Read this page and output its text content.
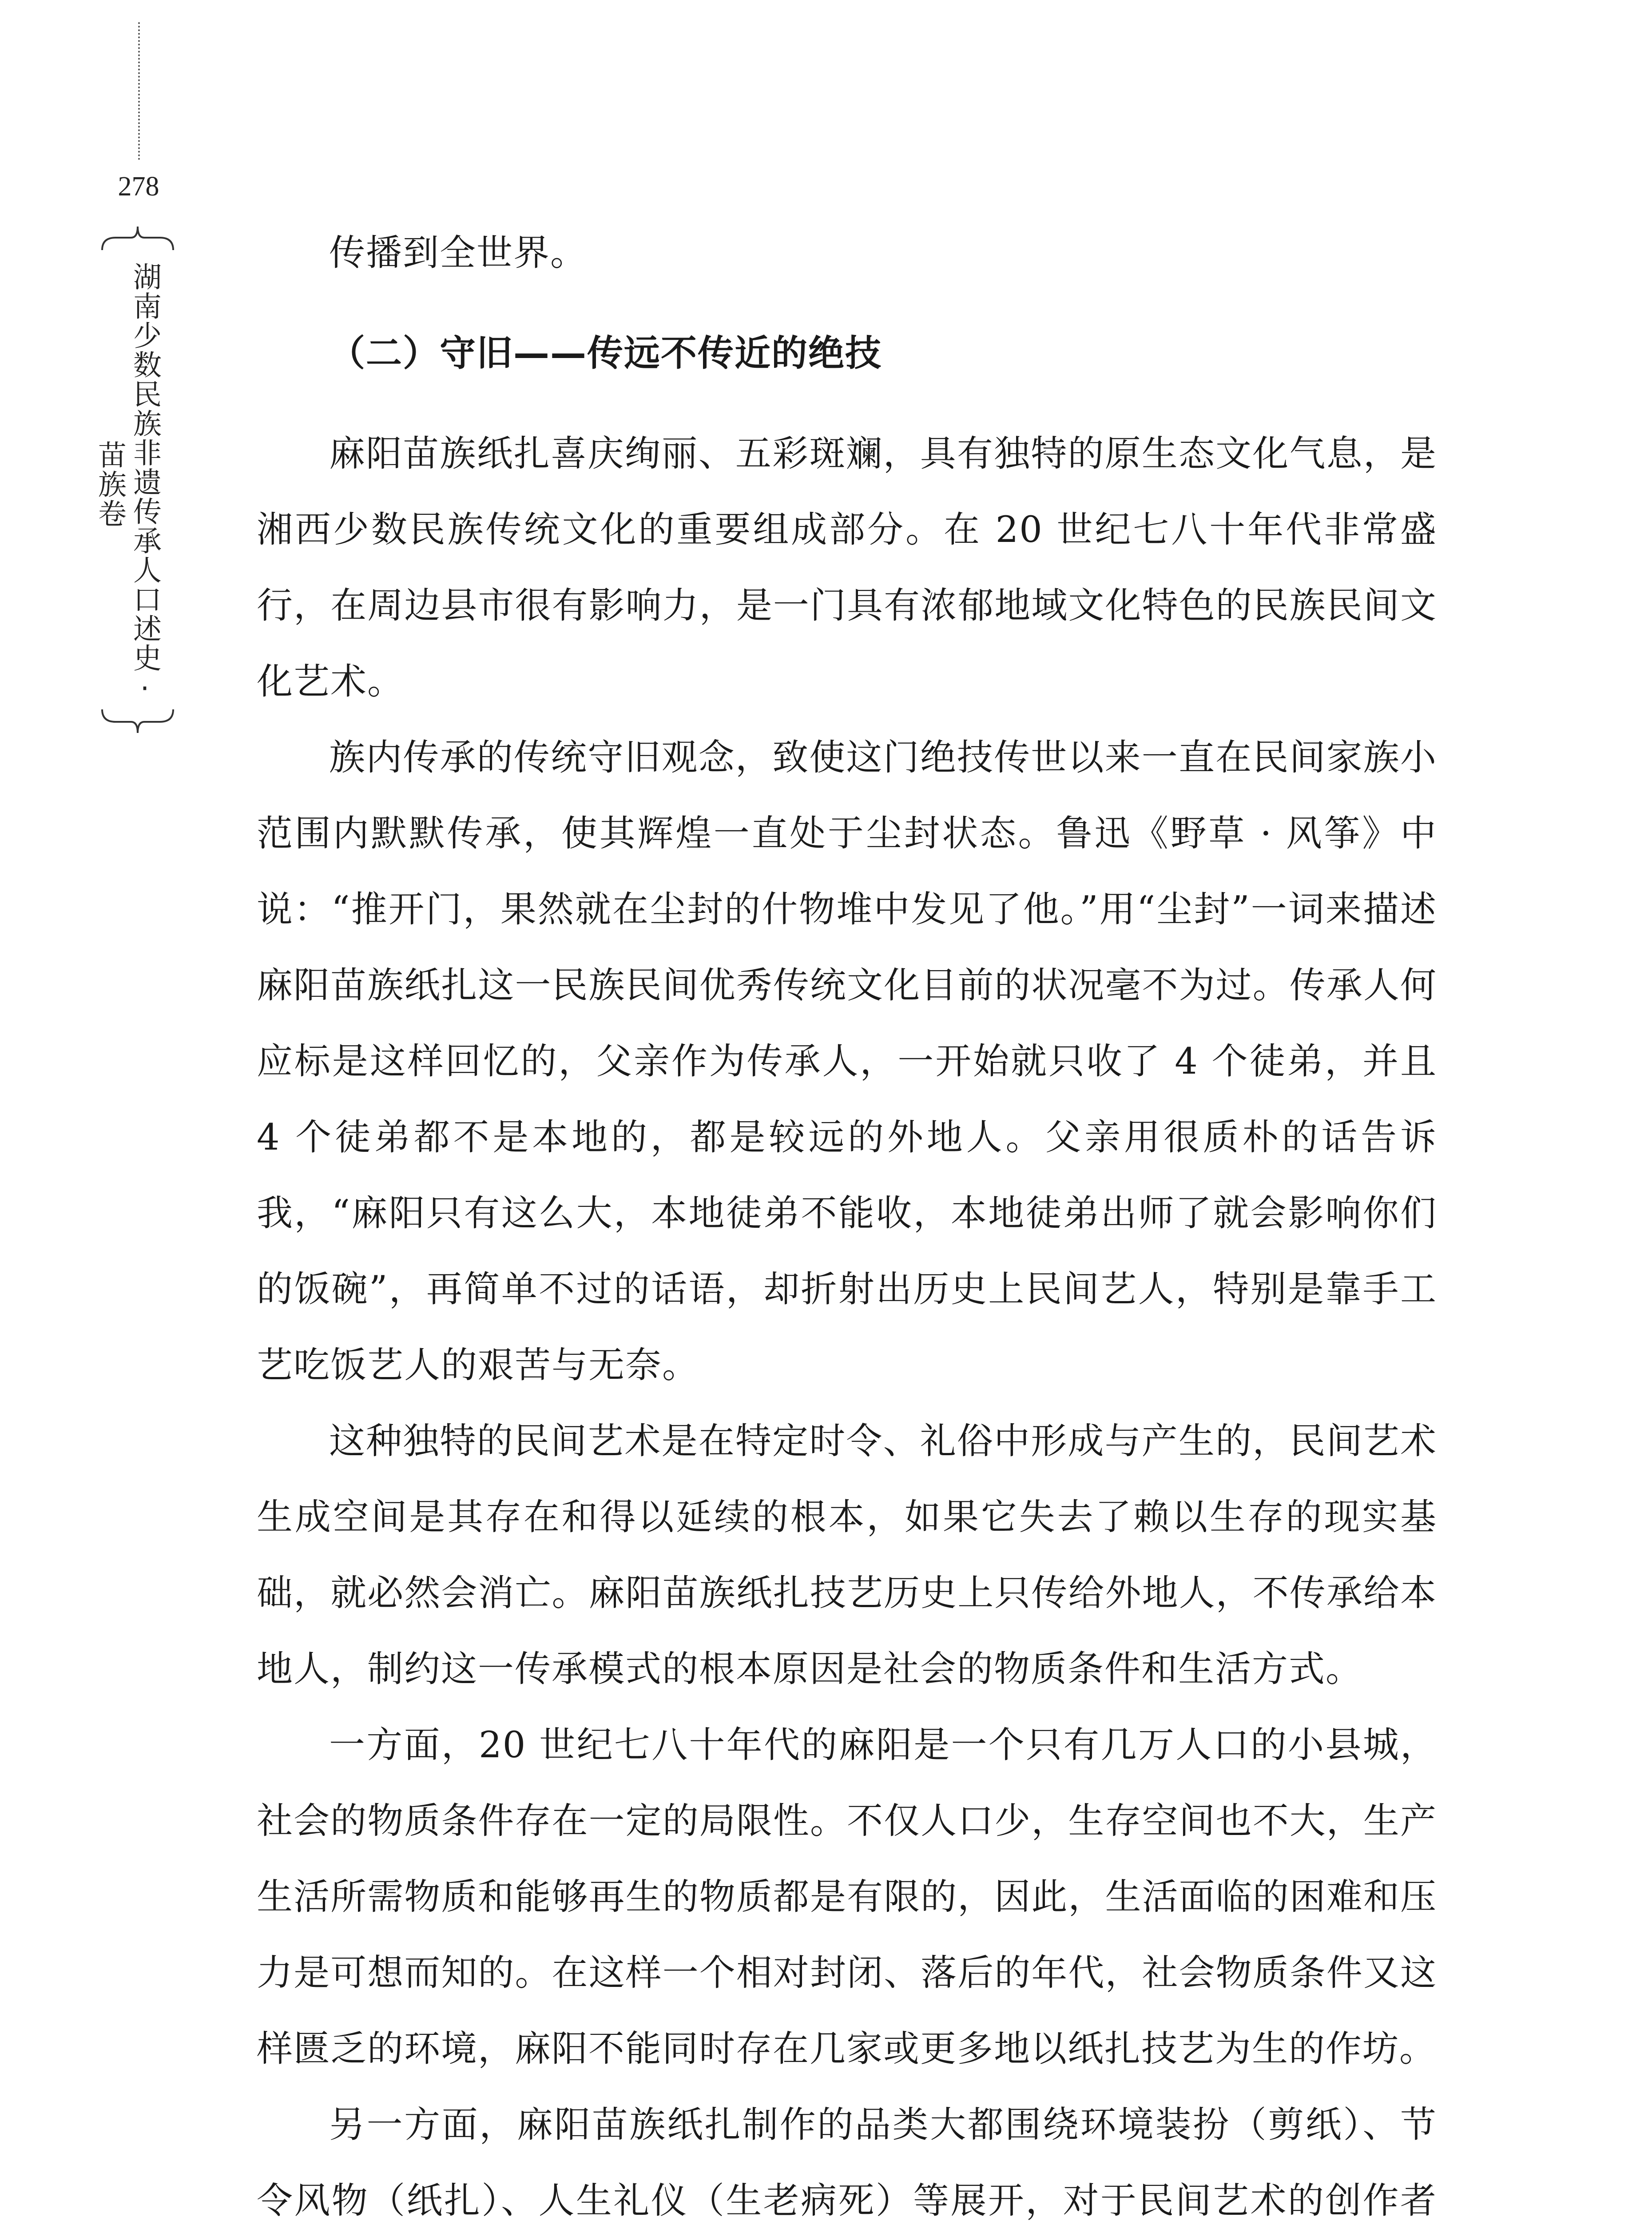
278
湖南少数民族非遗传承人口述史·苗族卷

传播到全世界。

（二）守旧——传远不传近的绝技

麻阳苗族纸扎喜庆绚丽、五彩斑斓，具有独特的原生态文化气息，是湘西少数民族传统文化的重要组成部分。在 20 世纪七八十年代非常盛行，在周边县市很有影响力，是一门具有浓郁地域文化特色的民族民间文化艺术。

族内传承的传统守旧观念，致使这门绝技传世以来一直在民间家族小范围内默默传承，使其辉煌一直处于尘封状态。鲁迅《野草 · 风筝》中说：“推开门，果然就在尘封的什物堆中发见了他。”用“尘封”一词来描述麻阳苗族纸扎这一民族民间优秀传统文化目前的状况毫不为过。传承人何应标是这样回忆的，父亲作为传承人，一开始就只收了 4 个徒弟，并且 4 个徒弟都不是本地的，都是较远的外地人。父亲用很质朴的话告诉我，“麻阳只有这么大，本地徒弟不能收，本地徒弟出师了就会影响你们的饭碗”，再简单不过的话语，却折射出历史上民间艺人，特别是靠手工艺吃饭艺人的艰苦与无奈。

这种独特的民间艺术是在特定时令、礼俗中形成与产生的，民间艺术生成空间是其存在和得以延续的根本，如果它失去了赖以生存的现实基础，就必然会消亡。麻阳苗族纸扎技艺历史上只传给外地人，不传承给本地人，制约这一传承模式的根本原因是社会的物质条件和生活方式。

一方面，20 世纪七八十年代的麻阳是一个只有几万人口的小县城，社会的物质条件存在一定的局限性。不仅人口少，生存空间也不大，生产生活所需物质和能够再生的物质都是有限的，因此，生活面临的困难和压力是可想而知的。在这样一个相对封闭、落后的年代，社会物质条件又这样匮乏的环境，麻阳不能同时存在几家或更多地以纸扎技艺为生的作坊。

另一方面，麻阳苗族纸扎制作的品类大都围绕环境装扮（剪纸）、节令风物（纸扎）、人生礼仪（生老病死）等展开，对于民间艺术的创作者
